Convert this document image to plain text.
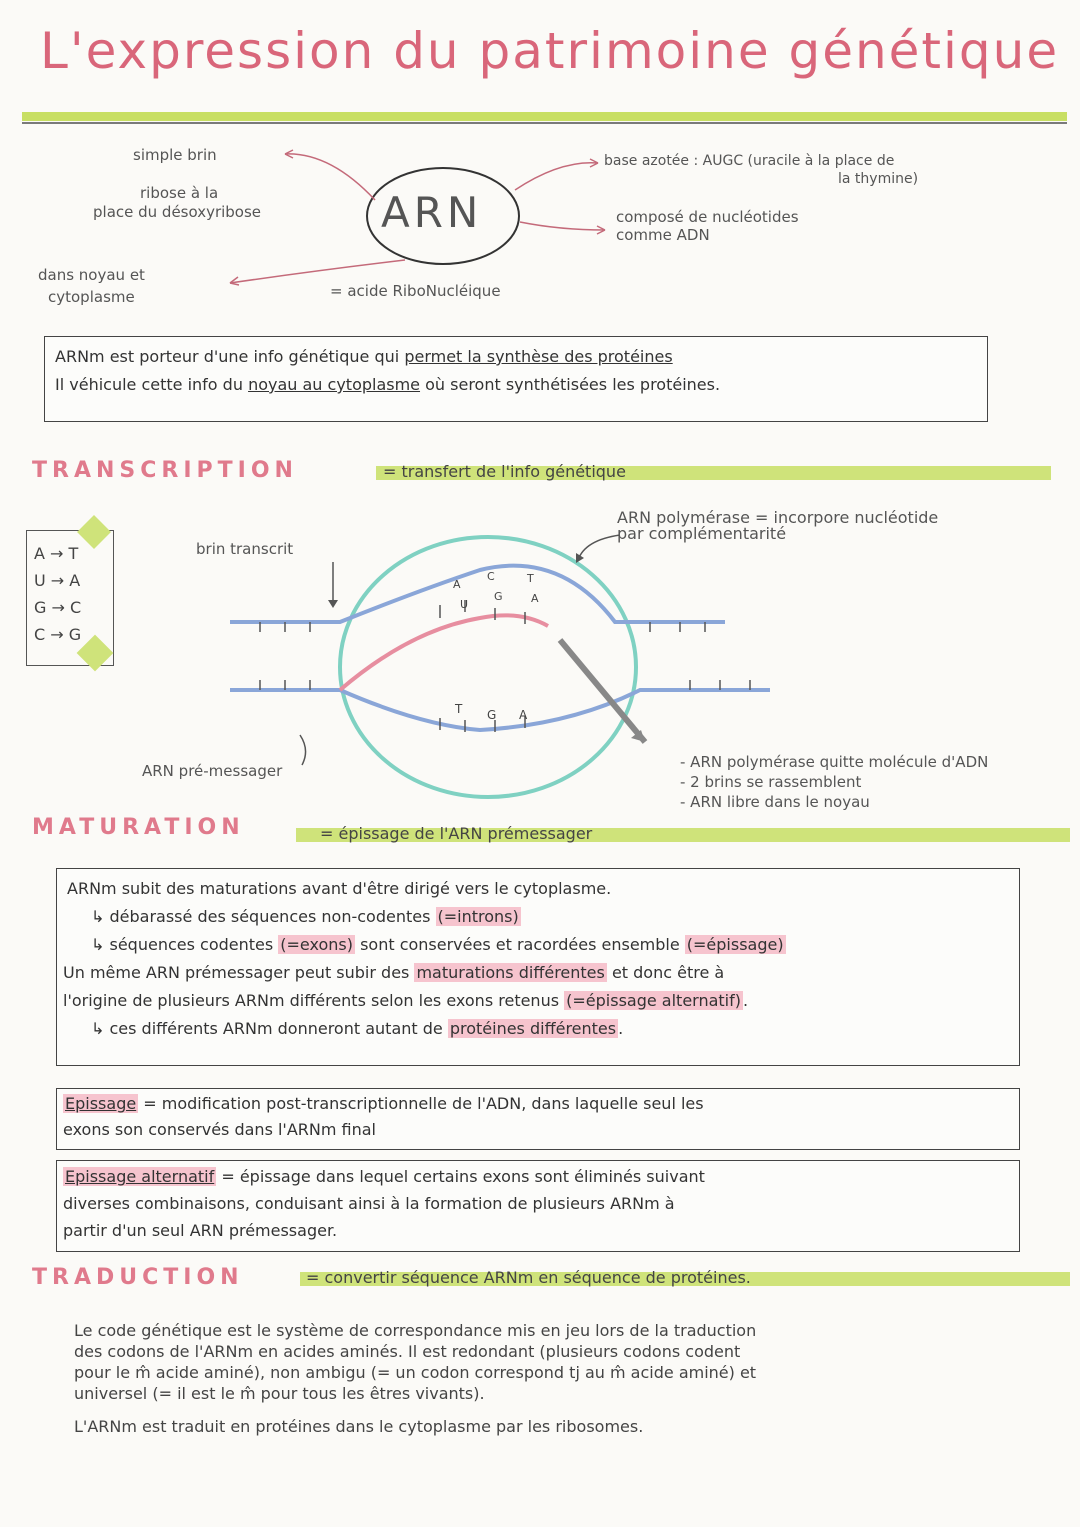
L'expression du patrimoine génétique
ARN
simple brin
ribose à la
place du désoxyribose
dans noyau et
cytoplasme	= acide RiboNucléique
base azotée : AUGC (uracile à la place de
la thymine)
composé de nucléotides
comme ADN

ARNm est porteur d'une info génétique qui permet la synthèse des protéines

Il véhicule cette info du noyau au cytoplasme où seront synthétisées les protéines.

TRANSCRIPTION	= transfert de l'info génétique
A → T
U → A
G → C
C → G
A
U
C
G
T
A
T G A
brin transcrit
ARN polymérase = incorpore nucléotide
par complémentarité
ARN pré-messager	- ARN polymérase quitte molécule d'ADN
- 2 brins se rassemblent
- ARN libre dans le noyau
MATURATION	= épissage de l'ARN prémessager

ARNm subit des maturations avant d'être dirigé vers le cytoplasme.

↳ débarassé des séquences non-codentes (=introns)

↳ séquences codentes (=exons) sont conservées et racordées ensemble (=épissage)

Un même ARN prémessager peut subir des maturations différentes et donc être à

l'origine de plusieurs ARNm différents selon les exons retenus (=épissage alternatif) .

↳ ces différents ARNm donneront autant de protéines différentes .

Epissage = modification post-transcriptionnelle de l'ADN, dans laquelle seul les

exons son conservés dans l'ARNm final

Epissage alternatif = épissage dans lequel certains exons sont éliminés suivant

diverses combinaisons, conduisant ainsi à la formation de plusieurs ARNm à

partir d'un seul ARN prémessager.

TRADUCTION	= convertir séquence ARNm en séquence de protéines.

Le code génétique est le système de correspondance mis en jeu lors de la traduction
des codons de l'ARNm en acides aminés. Il est redondant (plusieurs codons codent
pour le m̂ acide aminé), non ambigu (= un codon correspond tj au m̂ acide aminé) et
universel (= il est le m̂ pour tous les êtres vivants).

L'ARNm est traduit en protéines dans le cytoplasme par les ribosomes.
